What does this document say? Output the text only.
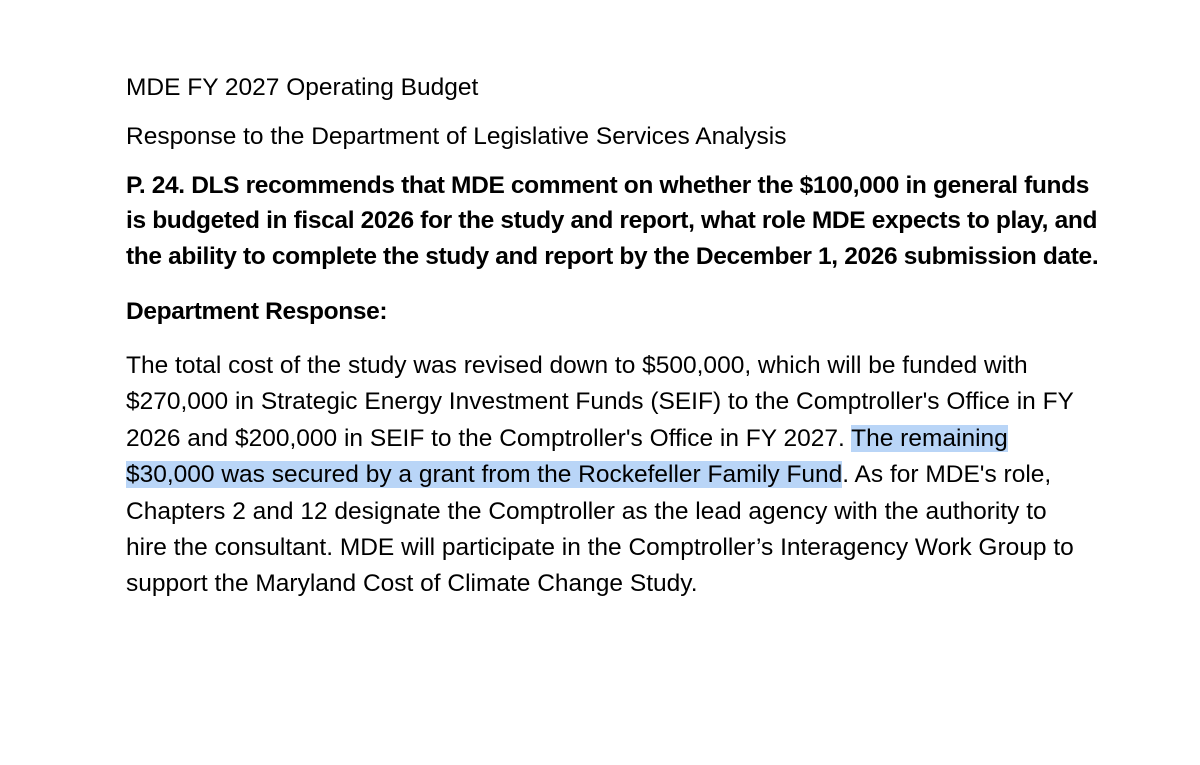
MDE FY 2027 Operating Budget
Response to the Department of Legislative Services Analysis
P. 24. DLS recommends that MDE comment on whether the $100,000 in general funds
is budgeted in fiscal 2026 for the study and report, what role MDE expects to play, and
the ability to complete the study and report by the December 1, 2026 submission date.
Department Response:
The total cost of the study was revised down to $500,000, which will be funded with
$270,000 in Strategic Energy Investment Funds (SEIF) to the Comptroller's Office in FY
2026 and $200,000 in SEIF to the Comptroller's Office in FY 2027. The remaining
$30,000 was secured by a grant from the Rockefeller Family Fund. As for MDE's role,
Chapters 2 and 12 designate the Comptroller as the lead agency with the authority to
hire the consultant. MDE will participate in the Comptroller’s Interagency Work Group to
support the Maryland Cost of Climate Change Study.
